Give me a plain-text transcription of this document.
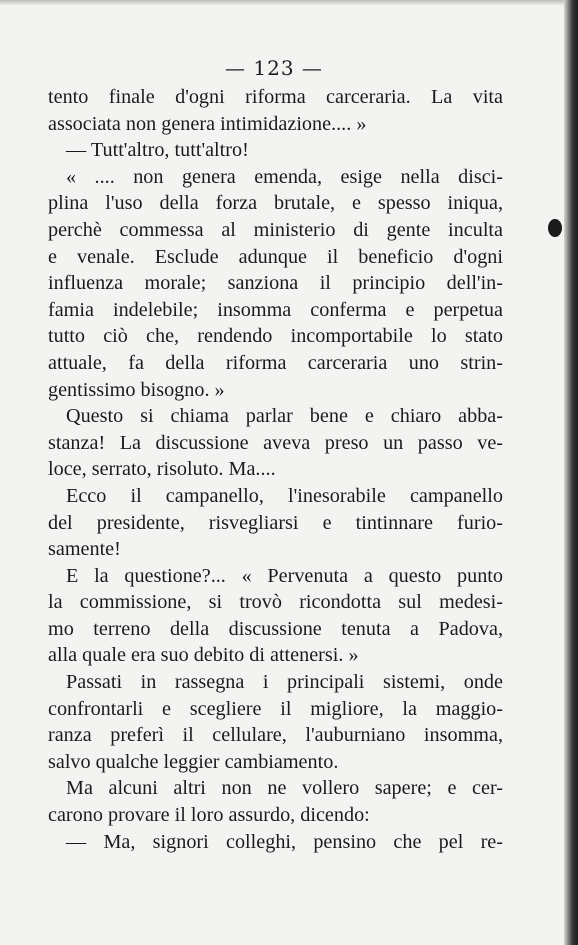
— 123 —
tento finale d'ogni riforma carceraria. La vita
associata non genera intimidazione.... »
— Tutt'altro, tutt'altro!
« .... non genera emenda, esige nella disci-
plina l'uso della forza brutale, e spesso iniqua,
perchè commessa al ministerio di gente inculta
e venale. Esclude adunque il beneficio d'ogni
influenza morale; sanziona il principio dell'in-
famia indelebile; insomma conferma e perpetua
tutto ciò che, rendendo incomportabile lo stato
attuale, fa della riforma carceraria uno strin-
gentissimo bisogno. »
Questo si chiama parlar bene e chiaro abba-
stanza! La discussione aveva preso un passo ve-
loce, serrato, risoluto. Ma....
Ecco il campanello, l'inesorabile campanello
del presidente, risvegliarsi e tintinnare furio-
samente!
E la questione?... « Pervenuta a questo punto
la commissione, si trovò ricondotta sul medesi-
mo terreno della discussione tenuta a Padova,
alla quale era suo debito di attenersi. »
Passati in rassegna i principali sistemi, onde
confrontarli e scegliere il migliore, la maggio-
ranza preferì il cellulare, l'auburniano insomma,
salvo qualche leggier cambiamento.
Ma alcuni altri non ne vollero sapere; e cer-
carono provare il loro assurdo, dicendo:
— Ma, signori colleghi, pensino che pel re-
